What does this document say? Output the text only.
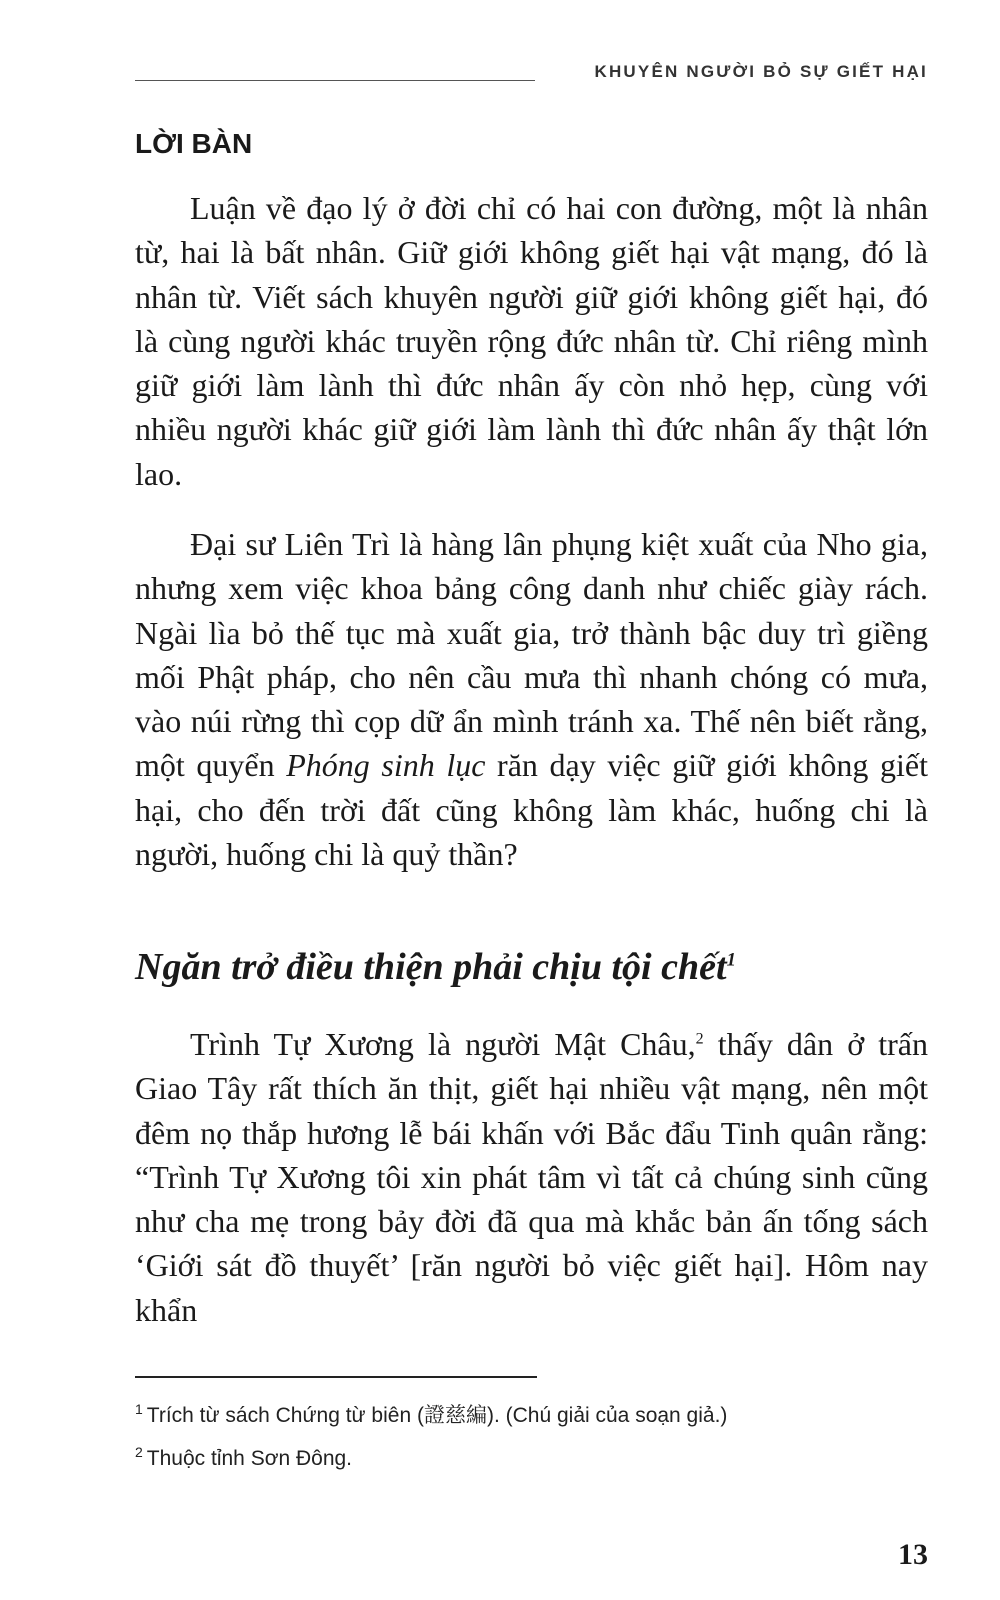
KHUYÊN NGƯỜI BỎ SỰ GIẾT HẠI
LỜI BÀN

Luận về đạo lý ở đời chỉ có hai con đường, một là nhân từ, hai là bất nhân. Giữ giới không giết hại vật mạng, đó là nhân từ. Viết sách khuyên người giữ giới không giết hại, đó là cùng người khác truyền rộng đức nhân từ. Chỉ riêng mình giữ giới làm lành thì đức nhân ấy còn nhỏ hẹp, cùng với nhiều người khác giữ giới làm lành thì đức nhân ấy thật lớn lao.

Đại sư Liên Trì là hàng lân phụng kiệt xuất của Nho gia, nhưng xem việc khoa bảng công danh như chiếc giày rách. Ngài lìa bỏ thế tục mà xuất gia, trở thành bậc duy trì giềng mối Phật pháp, cho nên cầu mưa thì nhanh chóng có mưa, vào núi rừng thì cọp dữ ẩn mình tránh xa. Thế nên biết rằng, một quyển Phóng sinh lục răn dạy việc giữ giới không giết hại, cho đến trời đất cũng không làm khác, huống chi là người, huống chi là quỷ thần?

Ngăn trở điều thiện phải chịu tội chết$^1$

Trình Tự Xương là người Mật Châu,$^2$ thấy dân ở trấn Giao Tây rất thích ăn thịt, giết hại nhiều vật mạng, nên một đêm nọ thắp hương lễ bái khấn với Bắc đẩu Tinh quân rằng: “Trình Tự Xương tôi xin phát tâm vì tất cả chúng sinh cũng như cha mẹ trong bảy đời đã qua mà khắc bản ấn tống sách ‘Giới sát đồ thuyết’ [răn người bỏ việc giết hại]. Hôm nay khẩn

$^1$ Trích từ sách Chứng từ biên (證慈編). (Chú giải của soạn giả.)

$^2$ Thuộc tỉnh Sơn Đông.

13
